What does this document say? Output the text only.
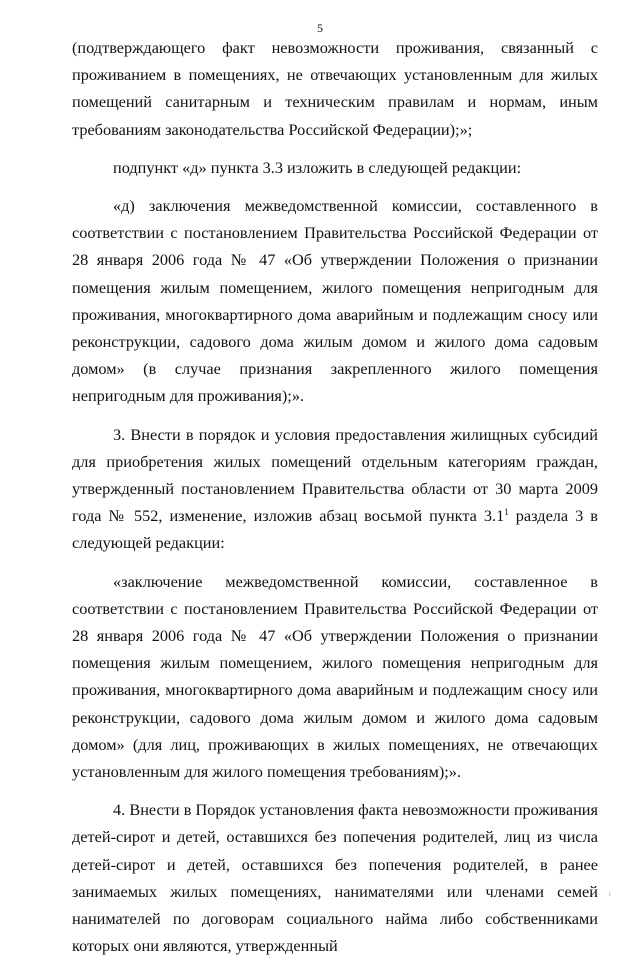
5

(подтверждающего факт невозможности проживания, связанный с проживанием в помещениях, не отвечающих установленным для жилых помещений санитарным и техническим правилам и нормам, иным требованиям законодательства Российской Федерации);»;

подпункт «д» пункта 3.3 изложить в следующей редакции:

«д) заключения межведомственной комиссии, составленного в соответствии с постановлением Правительства Российской Федерации от 28 января 2006 года № 47 «Об утверждении Положения о признании помещения жилым помещением, жилого помещения непригодным для проживания, многоквартирного дома аварийным и подлежащим сносу или реконструкции, садового дома жилым домом и жилого дома садовым домом» (в случае признания закрепленного жилого помещения непригодным для проживания);».

3. Внести в порядок и условия предоставления жилищных субсидий для приобретения жилых помещений отдельным категориям граждан, утвержденный постановлением Правительства области от 30 марта 2009 года № 552, изменение, изложив абзац восьмой пункта $3.1^1$ раздела 3 в следующей редакции:

«заключение межведомственной комиссии, составленное в соответствии с постановлением Правительства Российской Федерации от 28 января 2006 года № 47 «Об утверждении Положения о признании помещения жилым помещением, жилого помещения непригодным для проживания, многоквартирного дома аварийным и подлежащим сносу или реконструкции, садового дома жилым домом и жилого дома садовым домом» (для лиц, проживающих в жилых помещениях, не отвечающих установленным для жилого помещения требованиям);».

4. Внести в Порядок установления факта невозможности проживания детей-сирот и детей, оставшихся без попечения родителей, лиц из числа детей-сирот и детей, оставшихся без попечения родителей, в ранее занимаемых жилых помещениях, нанимателями или членами семей нанимателей по договорам социального найма либо собственниками которых они являются, утвержденный

ı
